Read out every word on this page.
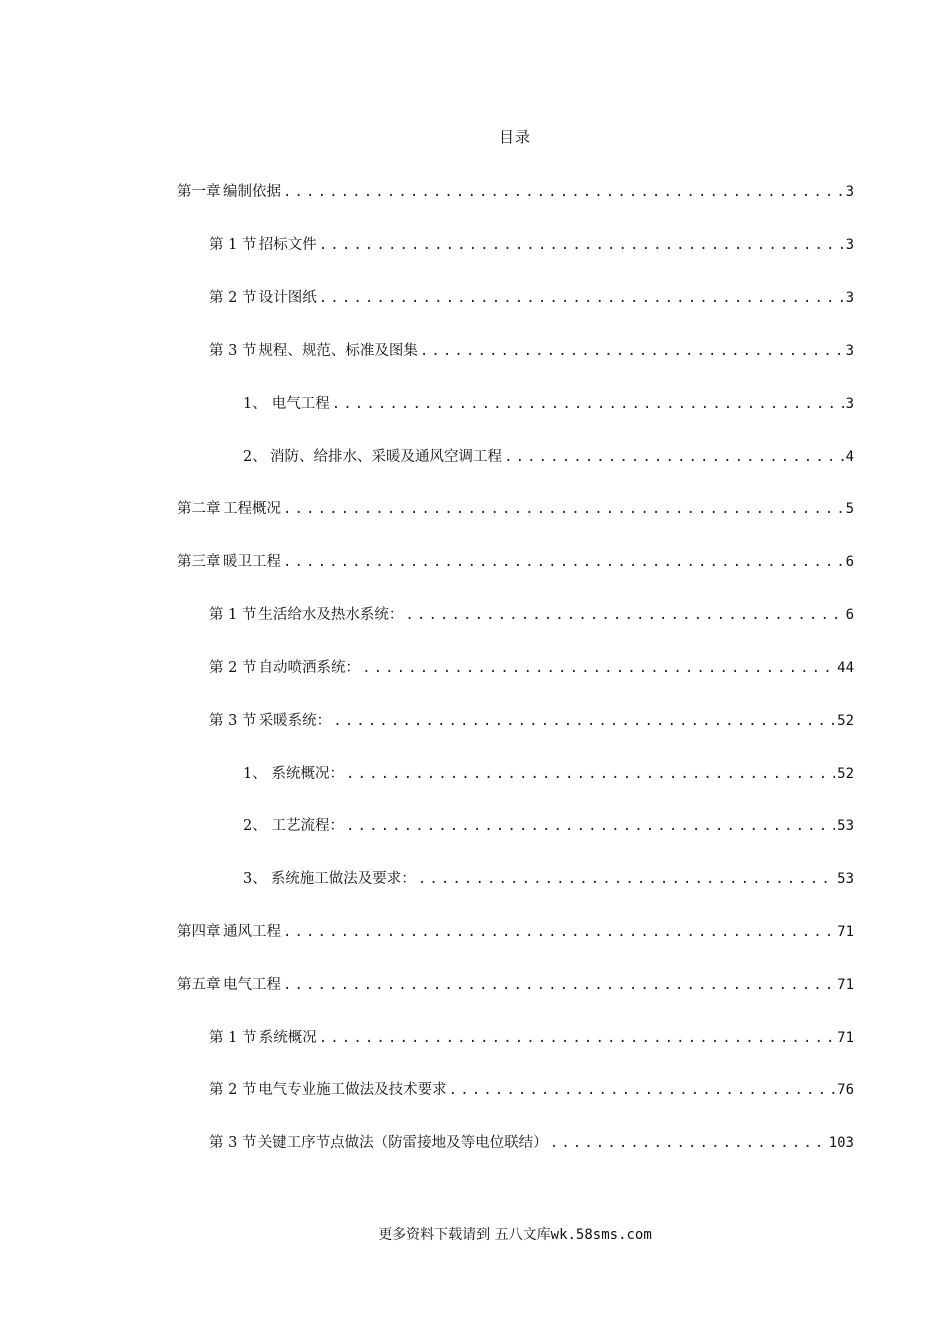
目录
第一章 编制依据 .....	3
第 1 节 招标文件 .....	3
第 2 节 设计图纸 .....	3
第 3 节 规程、规范、标准及图集 .....	3
1、 电气工程 .....	3
2、 消防、给排水、采暖及通风空调工程 .....	4
第二章 工程概况 .....	5
第三章 暖卫工程 .....	6
第 1 节 生活给水及热水系统： .....	6
第 2 节 自动喷洒系统： .....	44
第 3 节 采暖系统： .....	52
1、 系统概况： .....	52
2、 工艺流程： .....	53
3、 系统施工做法及要求： .....	53
第四章 通风工程 .....	71
第五章 电气工程 .....	71
第 1 节 系统概况 .....	71
第 2 节 电气专业施工做法及技术要求 .....	76
第 3 节 关键工序节点做法（防雷接地及等电位联结） .....	103
更多资料下载请到 五八文库wk.58sms.com
